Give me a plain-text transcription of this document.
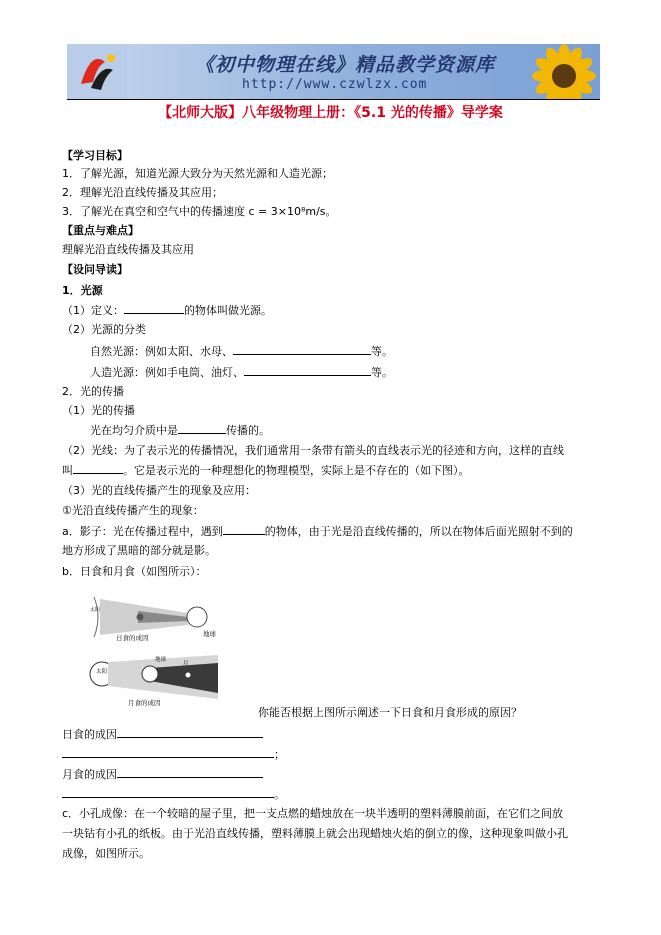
《初中物理在线》精品教学资源库
http://www.czwlzx.com
【北师大版】八年级物理上册：《5.1 光的传播》导学案
【学习目标】
1．了解光源，知道光源大致分为天然光源和人造光源；
2．理解光沿直线传播及其应用；
3．了解光在真空和空气中的传播速度 c = 3×10⁸m/s。
【重点与难点】
理解光沿直线传播及其应用
【设问导读】
1．光源
（1）定义：	的物体叫做光源。
（2）光源的分类
自然光源：例如太阳、水母、	等。
人造光源：例如手电筒、油灯、	等。
2．光的传播
（1）光的传播
光在均匀介质中是	传播的。
（2）光线：为了表示光的传播情况，我们通常用一条带有箭头的直线表示光的径迹和方向，这样的直线
叫	。它是表示光的一种理想化的物理模型，实际上是不存在的（如下图）。
（3）光的直线传播产生的现象及应用：
①光沿直线传播产生的现象：
a．影子：光在传播过程中，遇到	的物体，由于光是沿直线传播的，所以在物体后面光照射不到的
地方形成了黑暗的部分就是影。
b．日食和月食（如图所示）：
日食的成因	地球
太阳
地球
月
月食的成因
太阳
你能否根据上图所示阐述一下日食和月食形成的原因？
日食的成因
；
月食的成因
。
c．小孔成像：在一个较暗的屋子里，把一支点燃的蜡烛放在一块半透明的塑料薄膜前面，在它们之间放
一块钻有小孔的纸板。由于光沿直线传播，塑料薄膜上就会出现蜡烛火焰的倒立的像，这种现象叫做小孔
成像，如图所示。
